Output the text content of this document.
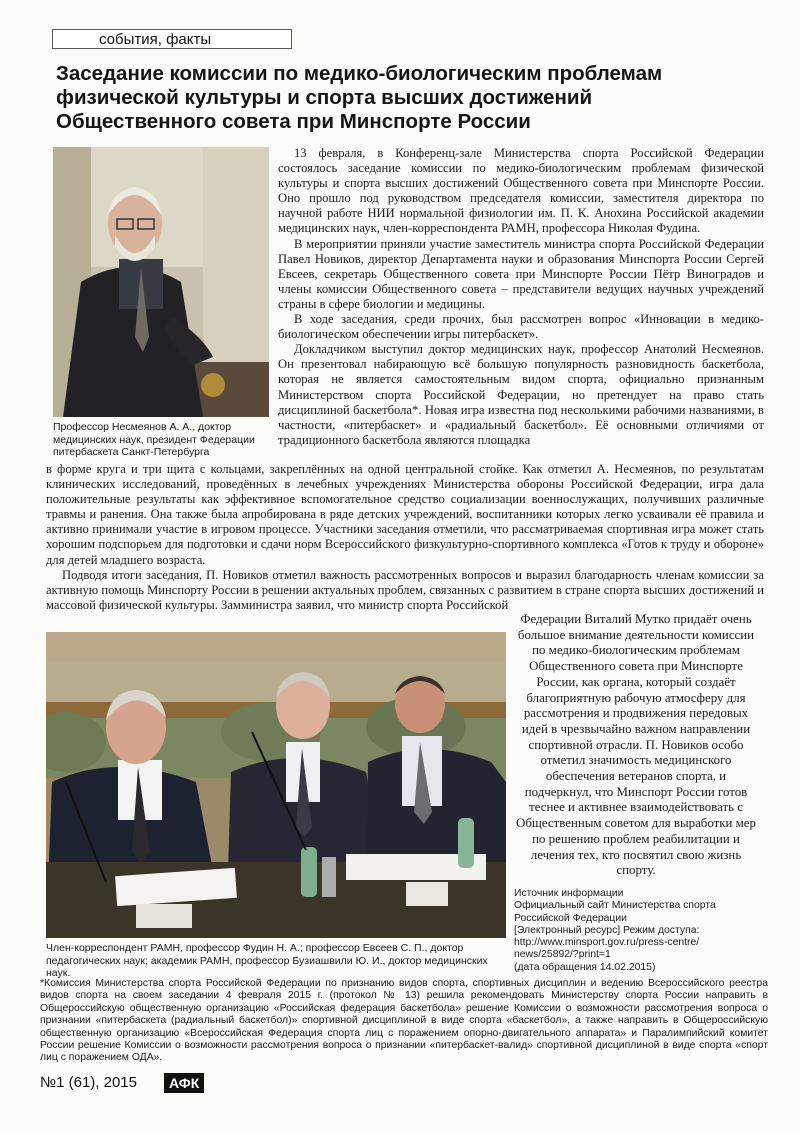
события, факты
Заседание комиссии по медико-биологическим проблемам физической культуры и спорта высших достижений Общественного совета при Минспорте России

Профессор Несмеянов А. А., доктор медицинских наук, президент Федерации питербаскета Санкт-Петербурга

13 февраля, в Конференц-зале Министерства спорта Российской Федерации состоялось заседание комиссии по медико-биологическим проблемам физической культуры и спорта высших достижений Общественного совета при Минспорте России. Оно прошло под руководством председателя комиссии, заместителя директора по научной работе НИИ нормальной физиологии им. П. К. Анохина Российской академии медицинских наук, член-корреспондента РАМН, профессора Николая Фудина.

В мероприятии приняли участие заместитель министра спорта Российской Федерации Павел Новиков, директор Департамента науки и образования Минспорта России Сергей Евсеев, секретарь Общественного совета при Минспорте России Пётр Виноградов и члены комиссии Общественного совета – представители ведущих научных учреждений страны в сфере биологии и медицины.

В ходе заседания, среди прочих, был рассмотрен вопрос «Инновации в медико-биологическом обеспечении игры питербаскет».

Докладчиком выступил доктор медицинских наук, профессор Анатолий Несмеянов. Он презентовал набирающую всё большую популярность разновидность баскетбола, которая не является самостоятельным видом спорта, официально признанным Министерством спорта Российской Федерации, но претендует на право стать дисциплиной баскетбола*. Новая игра известна под несколькими рабочими названиями, в частности, «питербаскет» и «радиальный баскетбол». Её основными отличиями от традиционного баскетбола являются площадка

в форме круга и три щита с кольцами, закреплённых на одной центральной стойке. Как отметил А. Несмеянов, по результатам клинических исследований, проведённых в лечебных учреждениях Министерства обороны Российской Федерации, игра дала положительные результаты как эффективное вспомогательное средство социализации военнослужащих, получивших различные травмы и ранения. Она также была апробирована в ряде детских учреждений, воспитанники которых легко усваивали её правила и активно принимали участие в игровом процессе. Участники заседания отметили, что рассматриваемая спортивная игра может стать хорошим подспорьем для подготовки и сдачи норм Всероссийского физкультурно-спортивного комплекса «Готов к труду и обороне» для детей младшего возраста.

Подводя итоги заседания, П. Новиков отметил важность рассмотренных вопросов и выразил благодарность членам комиссии за активную помощь Минспорту России в решении актуальных проблем, связанных с развитием в стране спорта высших достижений и массовой физической культуры. Замминистра заявил, что министр спорта Российской

Член-корреспондент РАМН, профессор Фудин Н. А.; профессор Евсеев С. П., доктор педагогических наук; академик РАМН, профессор Бузиашвили Ю. И., доктор медицинских наук.

Федерации Виталий Мутко придаёт очень большое внимание деятельности комиссии по медико-биологическим проблемам Общественного совета при Минспорте России, как органа, который создаёт благоприятную рабочую атмосферу для рассмотрения и продвижения передовых идей в чрезвычайно важном направлении спортивной отрасли. П. Новиков особо отметил значимость медицинского обеспечения ветеранов спорта, и подчеркнул, что Минспорт России готов теснее и активнее взаимодействовать с Общественным советом для выработки мер по решению проблем реабилитации и лечения тех, кто посвятил свою жизнь спорту.
Источник информации
Официальный сайт Министерства спорта
Российской Федерации
[Электронный ресурс] Режим доступа:
http://www.minsport.gov.ru/press-centre/
news/25892/?print=1
(дата обращения 14.02.2015)
*Комиссия Министерства спорта Российской Федерации по признанию видов спорта, спортивных дисциплин и ведению Всероссийского реестра видов спорта на своем заседании 4 февраля 2015 г. (протокол № 13) решила рекомендовать Министерству спорта России направить в Общероссийскую общественную организацию «Российская федерация баскетбола» решение Комиссии о возможности рассмотрения вопроса о признании «питербаскета (радиальный баскетбол)» спортивной дисциплиной в виде спорта «баскетбол», а также направить в Общероссийскую общественную организацию «Всероссийская Федерация спорта лиц с поражением опорно-двигательного аппарата» и Паралимпийский комитет России решение Комиссии о возможности рассмотрения вопроса о признании «питербаскет-валид» спортивной дисциплиной в виде спорта «спорт лиц с поражением ОДА».
№1 (61), 2015	АФК
